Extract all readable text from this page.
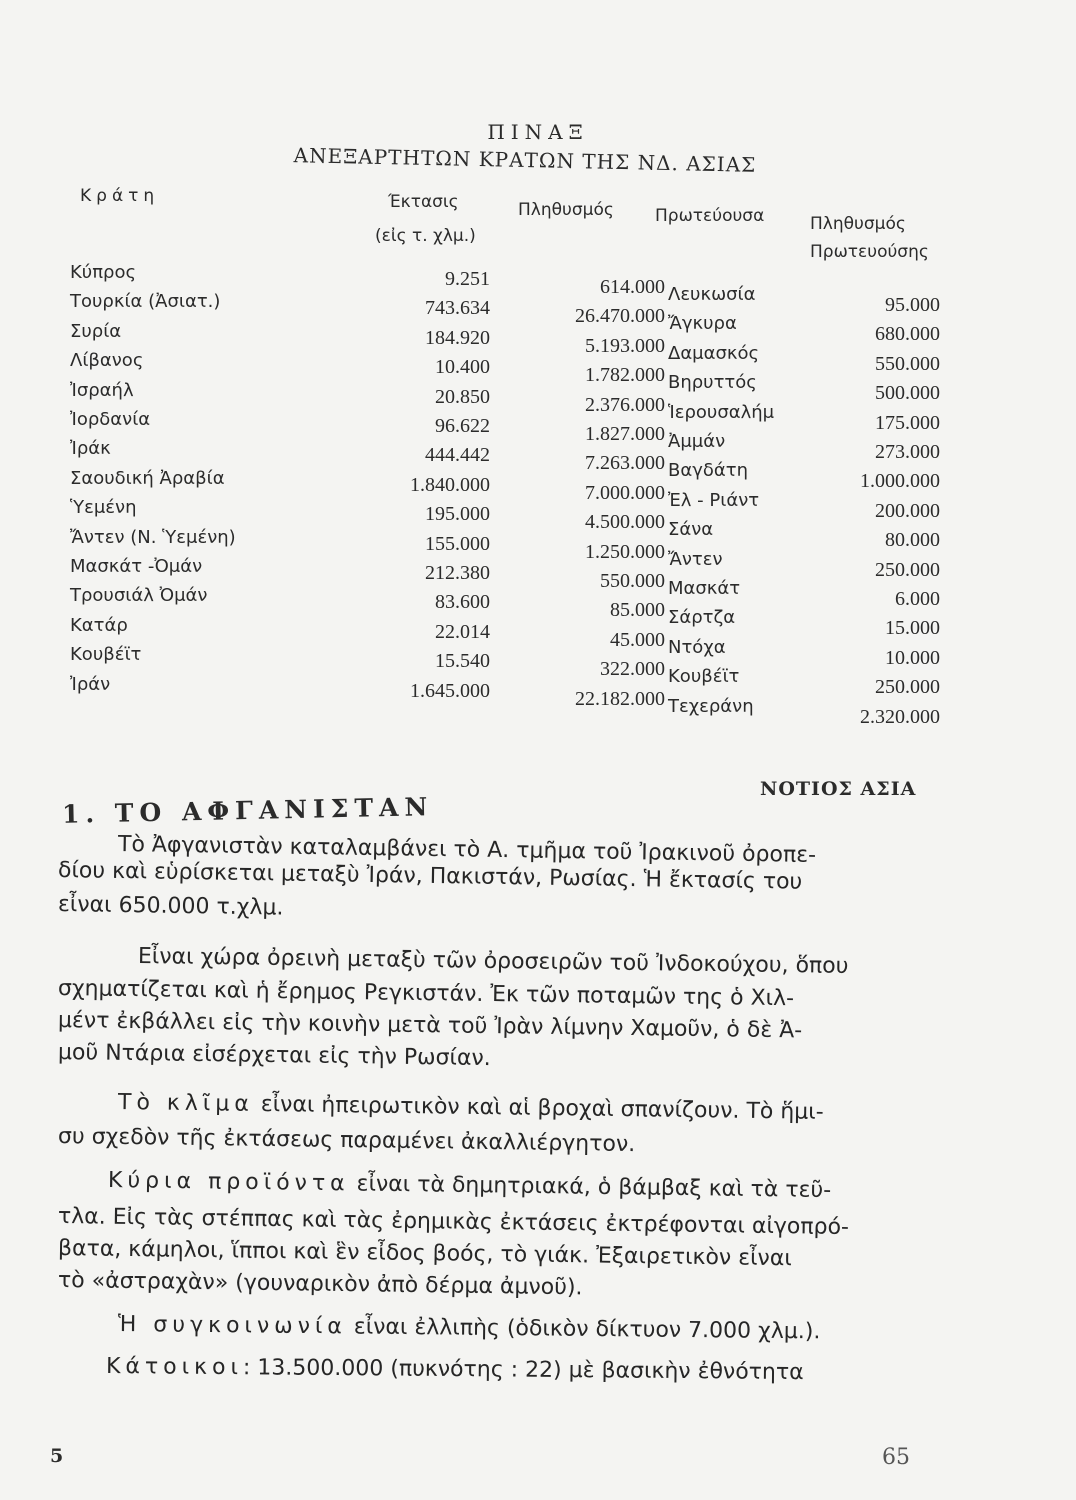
ΠΙΝΑΞ
ΑΝΕΞΑΡΤΗΤΩΝ ΚΡΑΤΩΝ ΤΗΣ ΝΔ. ΑΣΙΑΣ
Κράτη	Έκτασις
(εἰς τ. χλμ.)
Πληθυσμός Πρωτεύουσα	Πληθυσμός
Πρωτευούσης
Κύπρος	9.251	614.000 Λευκωσία	95.000
Τουρκία (Ἀσιατ.)	743.634	26.470.000 Ἄγκυρα	680.000
Συρία	184.920	5.193.000 Δαμασκός	550.000
Λίβανος	10.400	1.782.000 Βηρυττός	500.000
Ἰσραήλ	20.850	2.376.000 Ἱερουσαλήμ	175.000
Ἰορδανία	96.622	1.827.000 Ἀμμάν	273.000
Ἰράκ	444.442	7.263.000 Βαγδάτη	1.000.000
Σαουδική Ἀραβία	1.840.000	7.000.000 Ἐλ - Ριάντ	200.000
Ὑεμένη	195.000	4.500.000 Σάνα	80.000
Ἄντεν (Ν. Ὑεμένη)	155.000	1.250.000 Ἄντεν	250.000
Μασκάτ -Ὀμάν	212.380	550.000 Μασκάτ	6.000
Τρουσιάλ Ὀμάν	83.600	85.000 Σάρτζα	15.000
Κατάρ	22.014	45.000 Ντόχα	10.000
Κουβέϊτ	15.540	322.000 Κουβέϊτ	250.000
Ἰράν	1.645.000	22.182.000 Τεχεράνη	2.320.000
ΝΟΤΙΟΣ ΑΣΙΑ
1. ΤΟ ΑΦΓΑΝΙΣΤΑΝ
Τὸ Ἀφγανιστὰν καταλαμβάνει τὸ Α. τμῆμα τοῦ Ἰρακινοῦ ὀροπε-
δίου καὶ εὑρίσκεται μεταξὺ Ἰράν, Πακιστάν, Ρωσίας. Ἡ ἔκτασίς του
εἶναι 650.000 τ.χλμ.
Εἶναι χώρα ὀρεινὴ μεταξὺ τῶν ὀροσειρῶν τοῦ Ἰνδοκούχου, ὅπου
σχηματίζεται καὶ ἡ ἔρημος Ρεγκιστάν. Ἐκ τῶν ποταμῶν της ὁ Χιλ-
μέντ ἐκβάλλει εἰς τὴν κοινὴν μετὰ τοῦ Ἰρὰν λίμνην Χαμοῦν, ὁ δὲ Ἀ-
μοῦ Ντάρια εἰσέρχεται εἰς τὴν Ρωσίαν.
Τὸ κλῖμα εἶναι ἠπειρωτικὸν καὶ αἱ βροχαὶ σπανίζουν. Τὸ ἥμι-
συ σχεδὸν τῆς ἐκτάσεως παραμένει ἀκαλλιέργητον.
Κύρια προϊόντα εἶναι τὰ δημητριακά, ὁ βάμβαξ καὶ τὰ τεῦ-
τλα. Εἰς τὰς στέππας καὶ τὰς ἐρημικὰς ἐκτάσεις ἐκτρέφονται αἰγοπρό-
βατα, κάμηλοι, ἵπποι καὶ ἓν εἶδος βοός, τὸ γιάκ. Ἐξαιρετικὸν εἶναι
τὸ «ἀστραχὰν» (γουναρικὸν ἀπὸ δέρμα ἀμνοῦ).
Ἡ συγκοινωνία εἶναι ἐλλιπὴς (ὁδικὸν δίκτυον 7.000 χλμ.).
Κάτοικοι: 13.500.000 (πυκνότης : 22) μὲ βασικὴν ἐθνότητα
5	65
